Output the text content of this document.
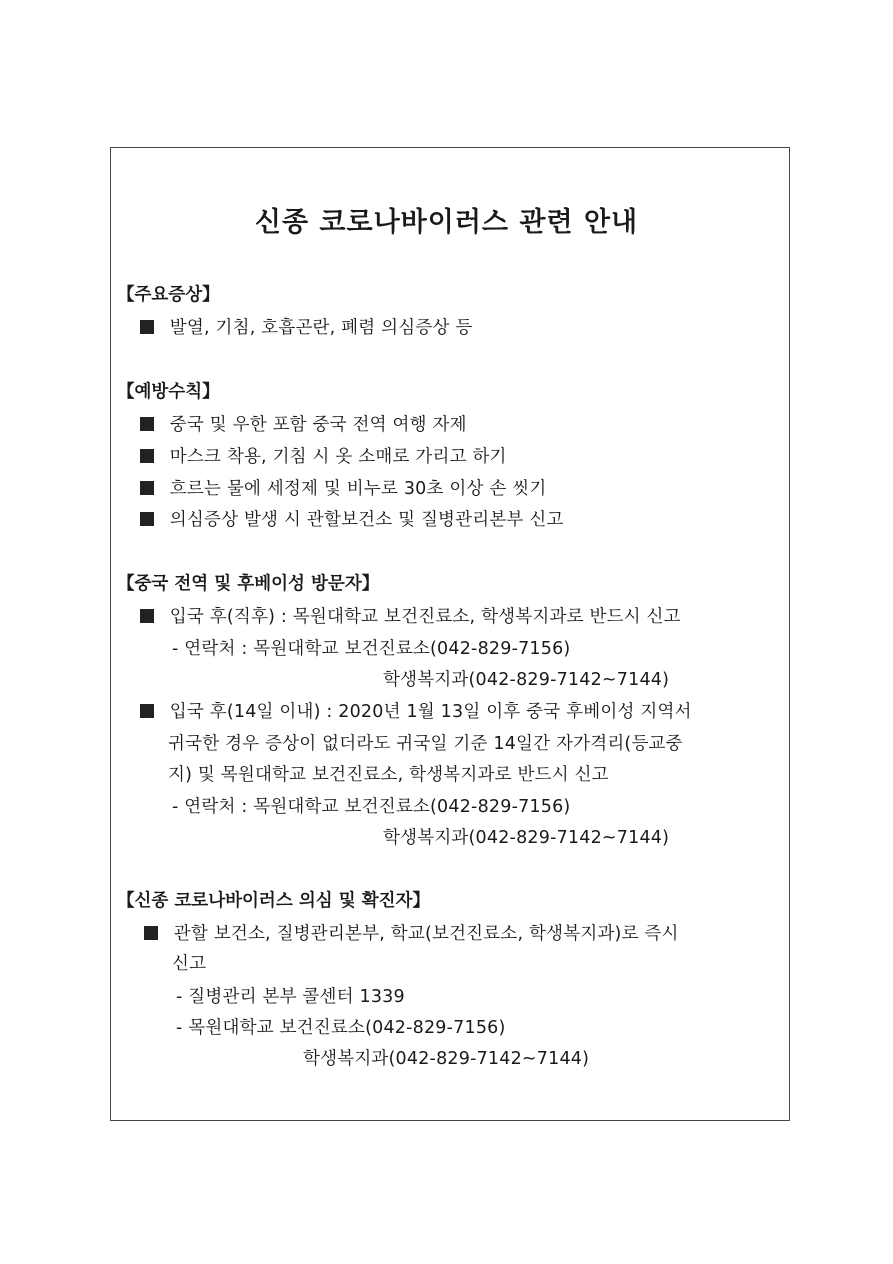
신종 코로나바이러스 관련 안내
【주요증상】
발열, 기침, 호흡곤란, 폐렴 의심증상 등
【예방수칙】
중국 및 우한 포함 중국 전역 여행 자제
마스크 착용, 기침 시 옷 소매로 가리고 하기
흐르는 물에 세정제 및 비누로 30초 이상 손 씻기
의심증상 발생 시 관할보건소 및 질병관리본부 신고
【중국 전역 및 후베이성 방문자】
입국 후(직후) : 목원대학교 보건진료소, 학생복지과로 반드시 신고
- 연락처 : 목원대학교 보건진료소(042-829-7156)
학생복지과(042-829-7142~7144)
입국 후(14일 이내) : 2020년 1월 13일 이후 중국 후베이성 지역서
귀국한 경우 증상이 없더라도 귀국일 기준 14일간 자가격리(등교중
지) 및 목원대학교 보건진료소, 학생복지과로 반드시 신고
- 연락처 : 목원대학교 보건진료소(042-829-7156)
학생복지과(042-829-7142~7144)
【신종 코로나바이러스 의심 및 확진자】
관할 보건소, 질병관리본부, 학교(보건진료소, 학생복지과)로 즉시
신고
- 질병관리 본부 콜센터 1339
- 목원대학교 보건진료소(042-829-7156)
학생복지과(042-829-7142~7144)
